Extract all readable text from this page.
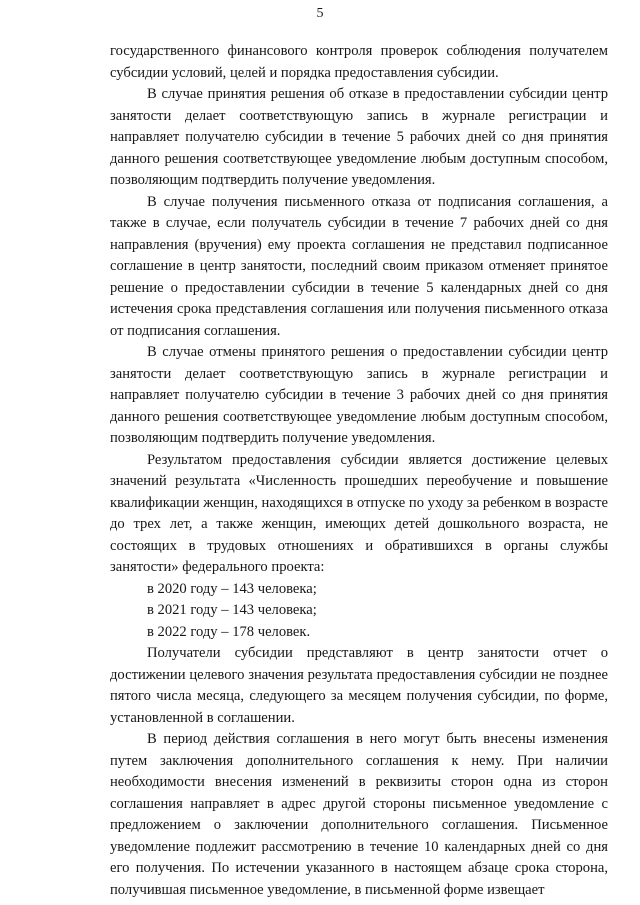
5

государственного финансового контроля проверок соблюдения получателем субсидии условий, целей и порядка предоставления субсидии.

В случае принятия решения об отказе в предоставлении субсидии центр занятости делает соответствующую запись в журнале регистрации и направляет получателю субсидии в течение 5 рабочих дней со дня принятия данного решения соответствующее уведомление любым доступным способом, позволяющим подтвердить получение уведомления.

В случае получения письменного отказа от подписания соглашения, а также в случае, если получатель субсидии в течение 7 рабочих дней со дня направления (вручения) ему проекта соглашения не представил подписанное соглашение в центр занятости, последний своим приказом отменяет принятое решение о предоставлении субсидии в течение 5 календарных дней со дня истечения срока представления соглашения или получения письменного отказа от подписания соглашения.

В случае отмены принятого решения о предоставлении субсидии центр занятости делает соответствующую запись в журнале регистрации и направляет получателю субсидии в течение 3 рабочих дней со дня принятия данного решения соответствующее уведомление любым доступным способом, позволяющим подтвердить получение уведомления.

Результатом предоставления субсидии является достижение целевых значений результата «Численность прошедших переобучение и повышение квалификации женщин, находящихся в отпуске по уходу за ребенком в возрасте до трех лет, а также женщин, имеющих детей дошкольного возраста, не состоящих в трудовых отношениях и обратившихся в органы службы занятости» федерального проекта:

в 2020 году – 143 человека;

в 2021 году – 143 человека;

в 2022 году – 178 человек.

Получатели субсидии представляют в центр занятости отчет о достижении целевого значения результата предоставления субсидии не позднее пятого числа месяца, следующего за месяцем получения субсидии, по форме, установленной в соглашении.

В период действия соглашения в него могут быть внесены изменения путем заключения дополнительного соглашения к нему. При наличии необходимости внесения изменений в реквизиты сторон одна из сторон соглашения направляет в адрес другой стороны письменное уведомление с предложением о заключении дополнительного соглашения. Письменное уведомление подлежит рассмотрению в течение 10 календарных дней со дня его получения. По истечении указанного в настоящем абзаце срока сторона, получившая письменное уведомление, в письменной форме извещает
